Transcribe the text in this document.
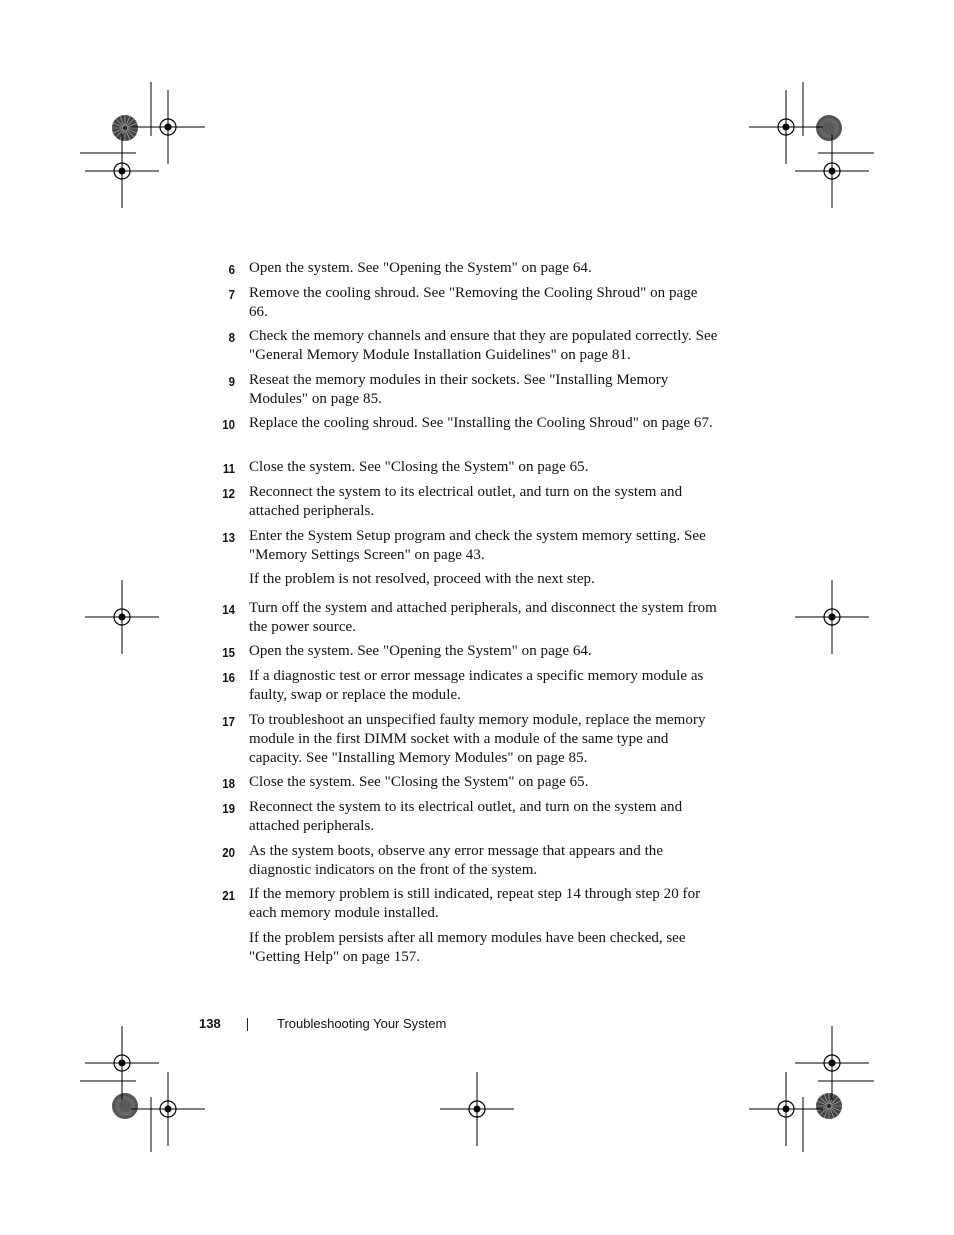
6 Open the system. See "Opening the System" on page 64.
7 Remove the cooling shroud. See "Removing the Cooling Shroud" on page 66.
8 Check the memory channels and ensure that they are populated correctly. See "General Memory Module Installation Guidelines" on page 81.
9 Reseat the memory modules in their sockets. See "Installing Memory Modules" on page 85.
10 Replace the cooling shroud. See "Installing the Cooling Shroud" on page 67.
11 Close the system. See "Closing the System" on page 65.
12 Reconnect the system to its electrical outlet, and turn on the system and attached peripherals.
13 Enter the System Setup program and check the system memory setting. See "Memory Settings Screen" on page 43.
If the problem is not resolved, proceed with the next step.
14 Turn off the system and attached peripherals, and disconnect the system from the power source.
15 Open the system. See "Opening the System" on page 64.
16 If a diagnostic test or error message indicates a specific memory module as faulty, swap or replace the module.
17 To troubleshoot an unspecified faulty memory module, replace the memory module in the first DIMM socket with a module of the same type and capacity. See "Installing Memory Modules" on page 85.
18 Close the system. See "Closing the System" on page 65.
19 Reconnect the system to its electrical outlet, and turn on the system and attached peripherals.
20 As the system boots, observe any error message that appears and the diagnostic indicators on the front of the system.
21 If the memory problem is still indicated, repeat step 14 through step 20 for each memory module installed.
If the problem persists after all memory modules have been checked, see "Getting Help" on page 157.
138	Troubleshooting Your System
